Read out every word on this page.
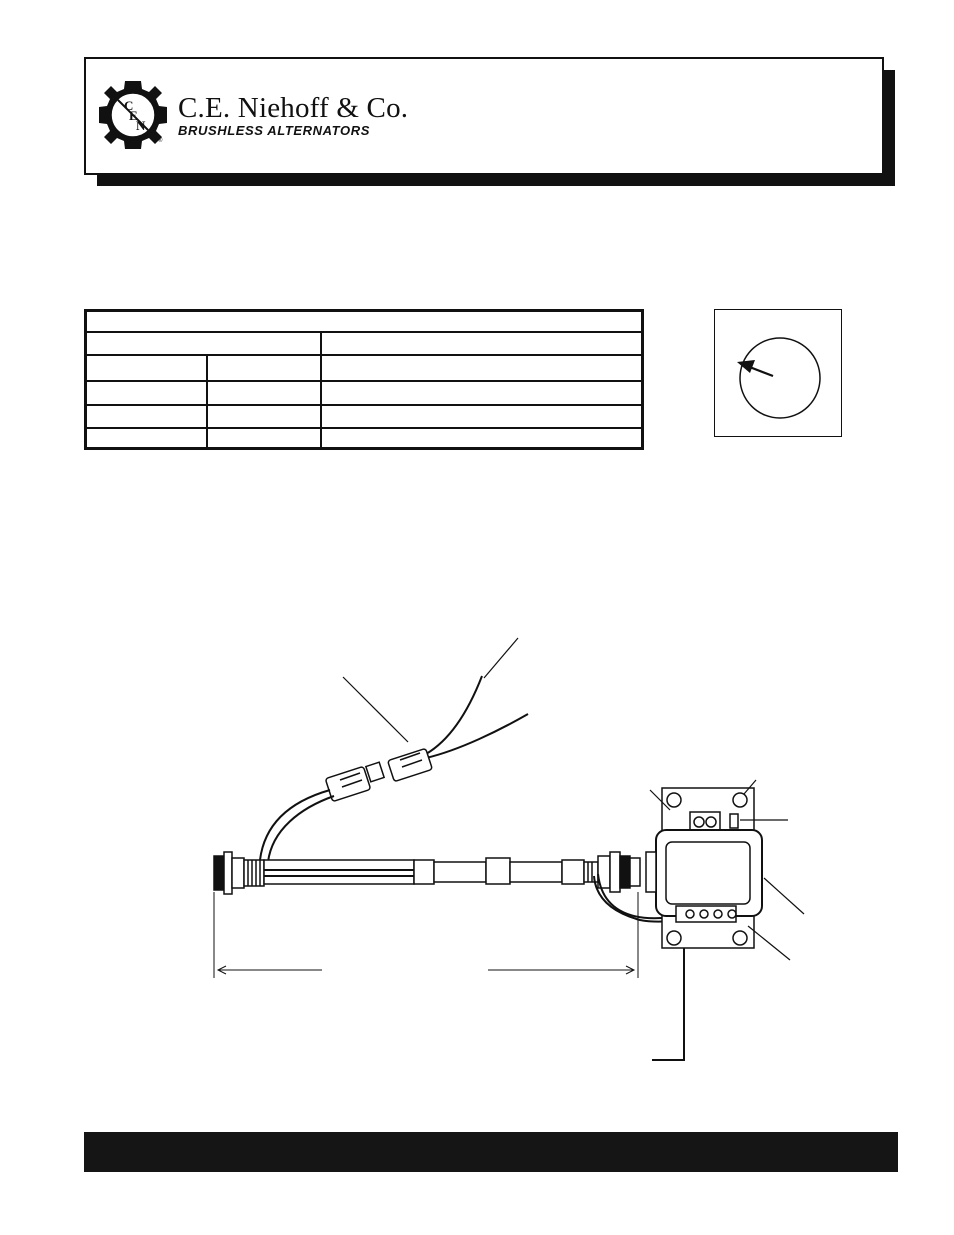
C
E
N
®
C.E. Niehoff & Co.
BRUSHLESS ALTERNATORS
